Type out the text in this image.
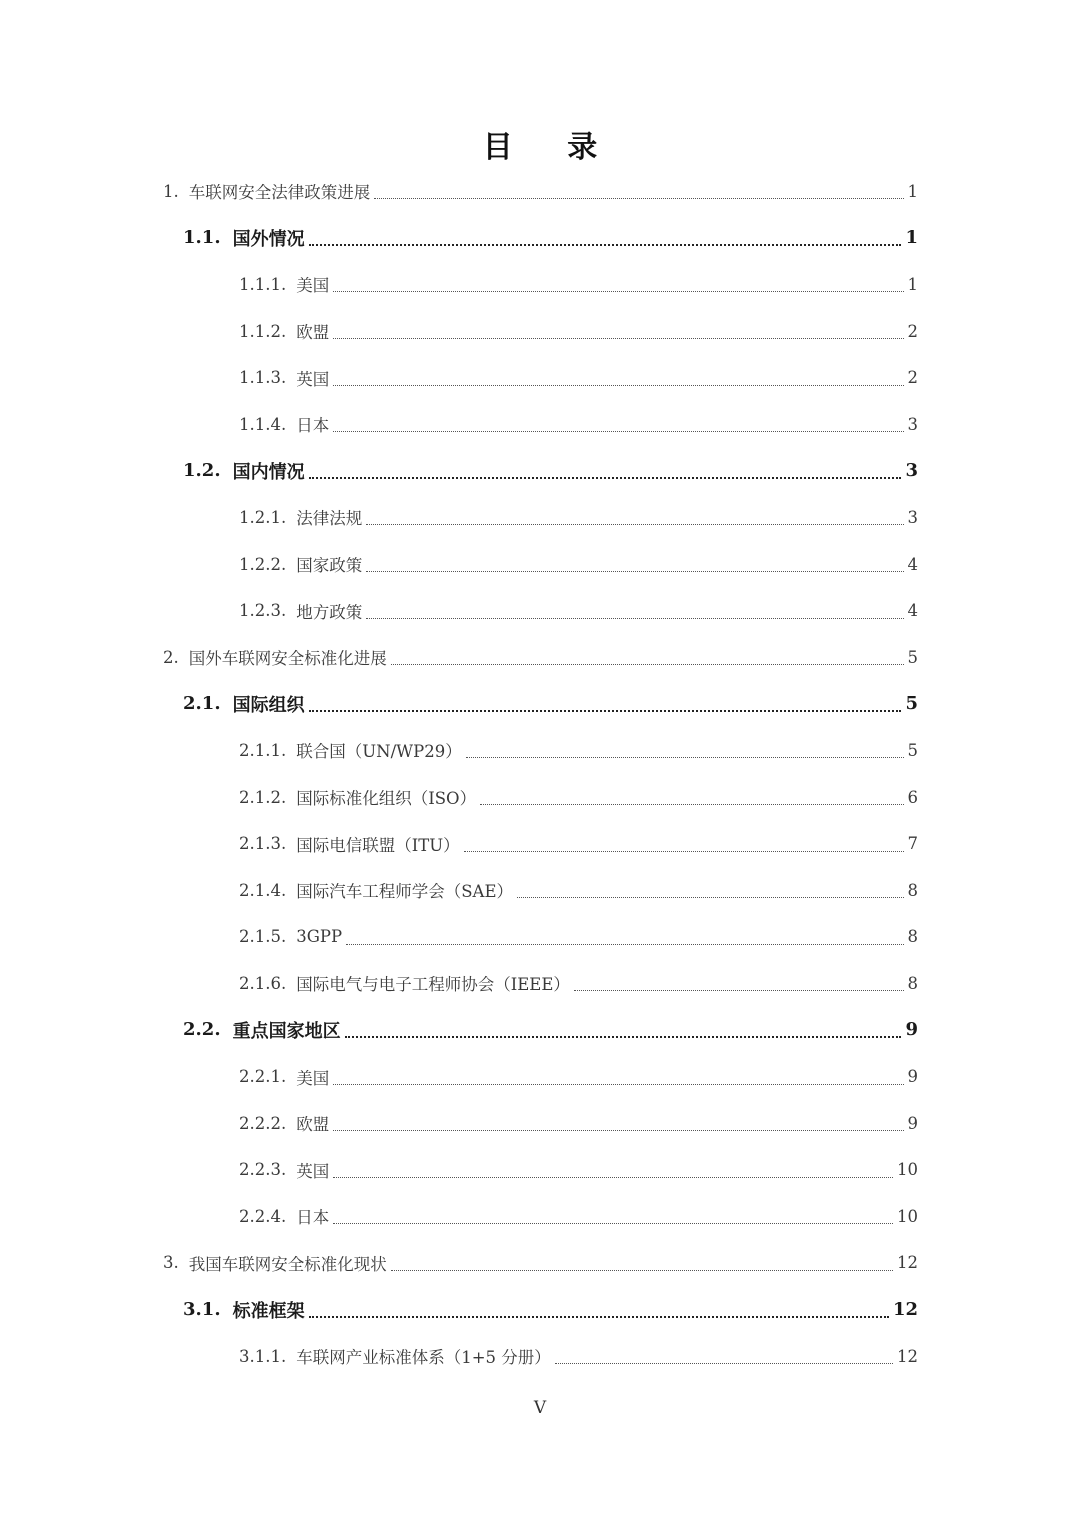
目 录
1. 车联网安全法律政策进展	1
1.1. 国外情况	1
1.1.1. 美国	1
1.1.2. 欧盟	2
1.1.3. 英国	2
1.1.4. 日本	3
1.2. 国内情况	3
1.2.1. 法律法规	3
1.2.2. 国家政策	4
1.2.3. 地方政策	4
2. 国外车联网安全标准化进展	5
2.1. 国际组织	5
2.1.1. 联合国（UN/WP29）	5
2.1.2. 国际标准化组织（ISO）	6
2.1.3. 国际电信联盟（ITU）	7
2.1.4. 国际汽车工程师学会（SAE）	8
2.1.5. 3GPP	8
2.1.6. 国际电气与电子工程师协会（IEEE）	8
2.2. 重点国家地区	9
2.2.1. 美国	9
2.2.2. 欧盟	9
2.2.3. 英国	10
2.2.4. 日本	10
3. 我国车联网安全标准化现状	12
3.1. 标准框架	12
3.1.1. 车联网产业标准体系（1+5 分册）	12
V
